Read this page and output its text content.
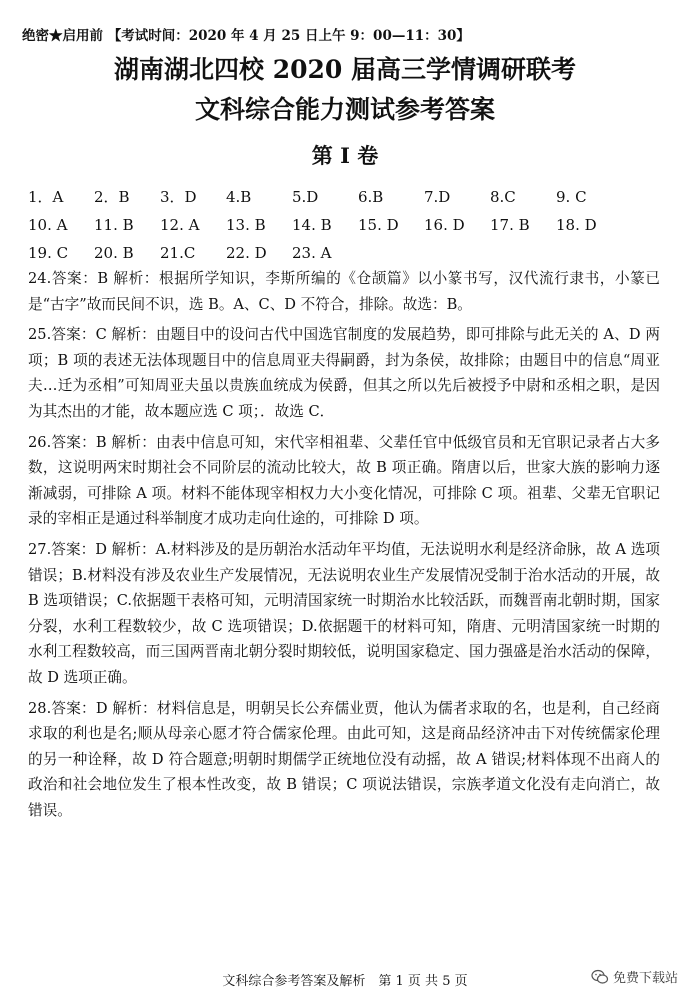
绝密★启用前 【考试时间：2020 年 4 月 25 日上午 9：00—11：30】
湖南湖北四校 2020 届高三学情调研联考
文科综合能力测试参考答案
第 I 卷
1．A	2．B	3．D	4.B	5.D	6.B	7.D	8.C	9. C
10. A	11. B	12. A	13. B	14. B	15. D	16. D	17. B	18. D
19. C	20. B	21.C	22. D	23. A

24.答案：B 解析：根据所学知识，李斯所编的《仓颉篇》以小篆书写，汉代流行隶书，小篆已是“古字”故而民间不识，选 B。A、C、D 不符合，排除。故选：B。

25.答案：C 解析：由题目中的设问古代中国选官制度的发展趋势，即可排除与此无关的 A、D 两项；B 项的表述无法体现题目中的信息周亚夫得嗣爵，封为条侯，故排除；由题目中的信息“周亚夫…迁为丞相”可知周亚夫虽以贵族血统成为侯爵，但其之所以先后被授予中尉和丞相之职，是因为其杰出的才能，故本题应选 C 项；．故选 C．

26.答案：B 解析：由表中信息可知，宋代宰相祖辈、父辈任官中低级官员和无官职记录者占大多数，这说明两宋时期社会不同阶层的流动比较大，故 B 项正确。隋唐以后，世家大族的影响力逐渐减弱，可排除 A 项。材料不能体现宰相权力大小变化情况，可排除 C 项。祖辈、父辈无官职记录的宰相正是通过科举制度才成功走向仕途的，可排除 D 项。

27.答案：D 解析：A.材料涉及的是历朝治水活动年平均值，无法说明水利是经济命脉，故 A 选项错误；B.材料没有涉及农业生产发展情况，无法说明农业生产发展情况受制于治水活动的开展，故 B 选项错误；C.依据题干表格可知，元明清国家统一时期治水比较活跃，而魏晋南北朝时期，国家分裂，水利工程数较少，故 C 选项错误；D.依据题干的材料可知，隋唐、元明清国家统一时期的水利工程数较高，而三国两晋南北朝分裂时期较低，说明国家稳定、国力强盛是治水活动的保障，故 D 选项正确。

28.答案：D 解析：材料信息是，明朝吴长公弃儒业贾，他认为儒者求取的名，也是利，自己经商求取的利也是名;顺从母亲心愿才符合儒家伦理。由此可知，这是商品经济冲击下对传统儒家伦理的另一种诠释，故 D 符合题意;明朝时期儒学正统地位没有动摇，故 A 错误;材料体现不出商人的政治和社会地位发生了根本性改变，故 B 错误；C 项说法错误，宗族孝道文化没有走向消亡，故错误。

文科综合参考答案及解析　第 1 页 共 5 页	免费下载站
